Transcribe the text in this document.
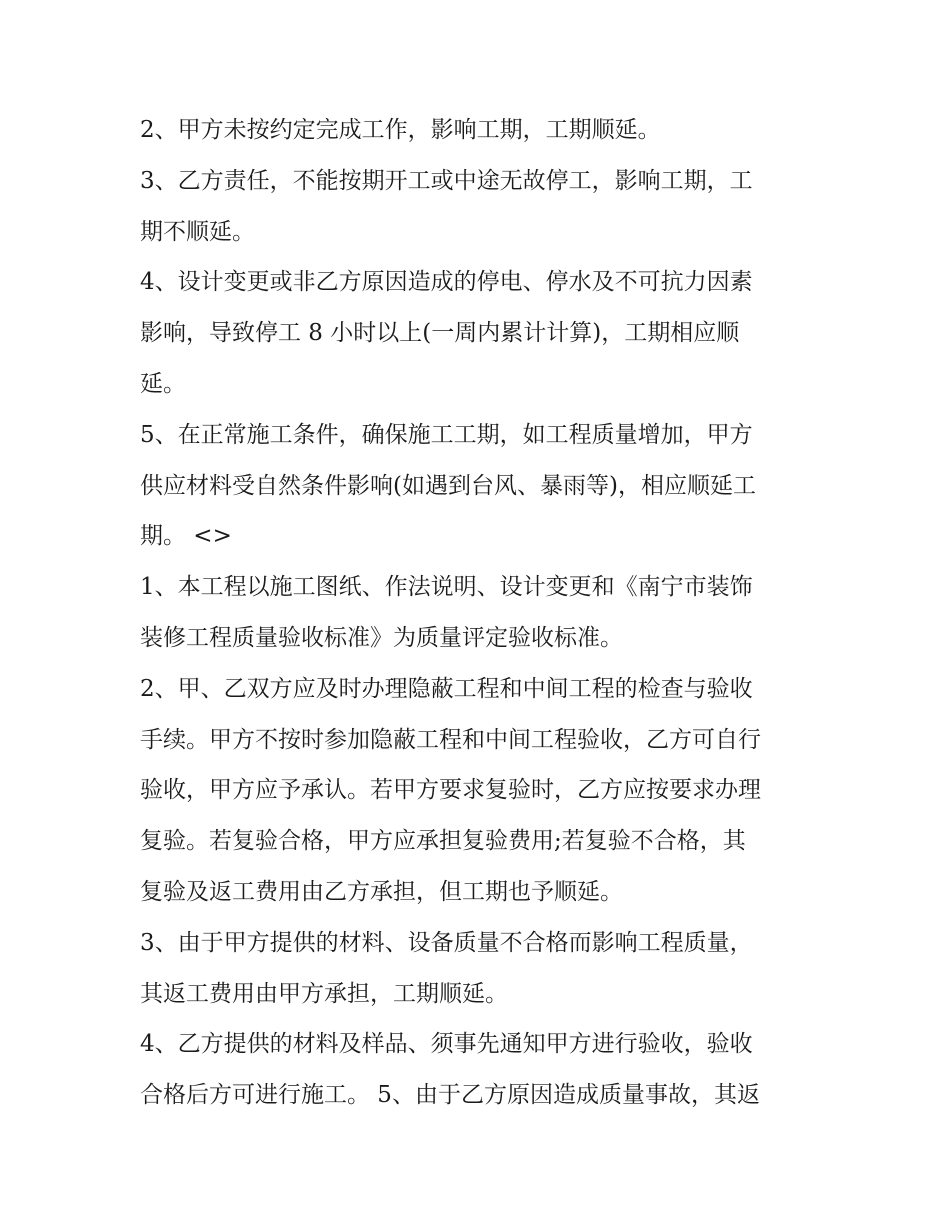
2、甲方未按约定完成工作，影响工期，工期顺延。
3、乙方责任，不能按期开工或中途无故停工，影响工期，工
期不顺延。
4、设计变更或非乙方原因造成的停电、停水及不可抗力因素
影响，导致停工 8 小时以上(一周内累计计算)，工期相应顺
延。
5、在正常施工条件，确保施工工期，如工程质量增加，甲方
供应材料受自然条件影响(如遇到台风、暴雨等)，相应顺延工
期。 <>
1、本工程以施工图纸、作法说明、设计变更和《南宁市装饰
装修工程质量验收标准》为质量评定验收标准。
2、甲、乙双方应及时办理隐蔽工程和中间工程的检查与验收
手续。甲方不按时参加隐蔽工程和中间工程验收，乙方可自行
验收，甲方应予承认。若甲方要求复验时，乙方应按要求办理
复验。若复验合格，甲方应承担复验费用;若复验不合格，其
复验及返工费用由乙方承担，但工期也予顺延。
3、由于甲方提供的材料、设备质量不合格而影响工程质量，
其返工费用由甲方承担，工期顺延。
4、乙方提供的材料及样品、须事先通知甲方进行验收，验收
合格后方可进行施工。 5、由于乙方原因造成质量事故，其返
